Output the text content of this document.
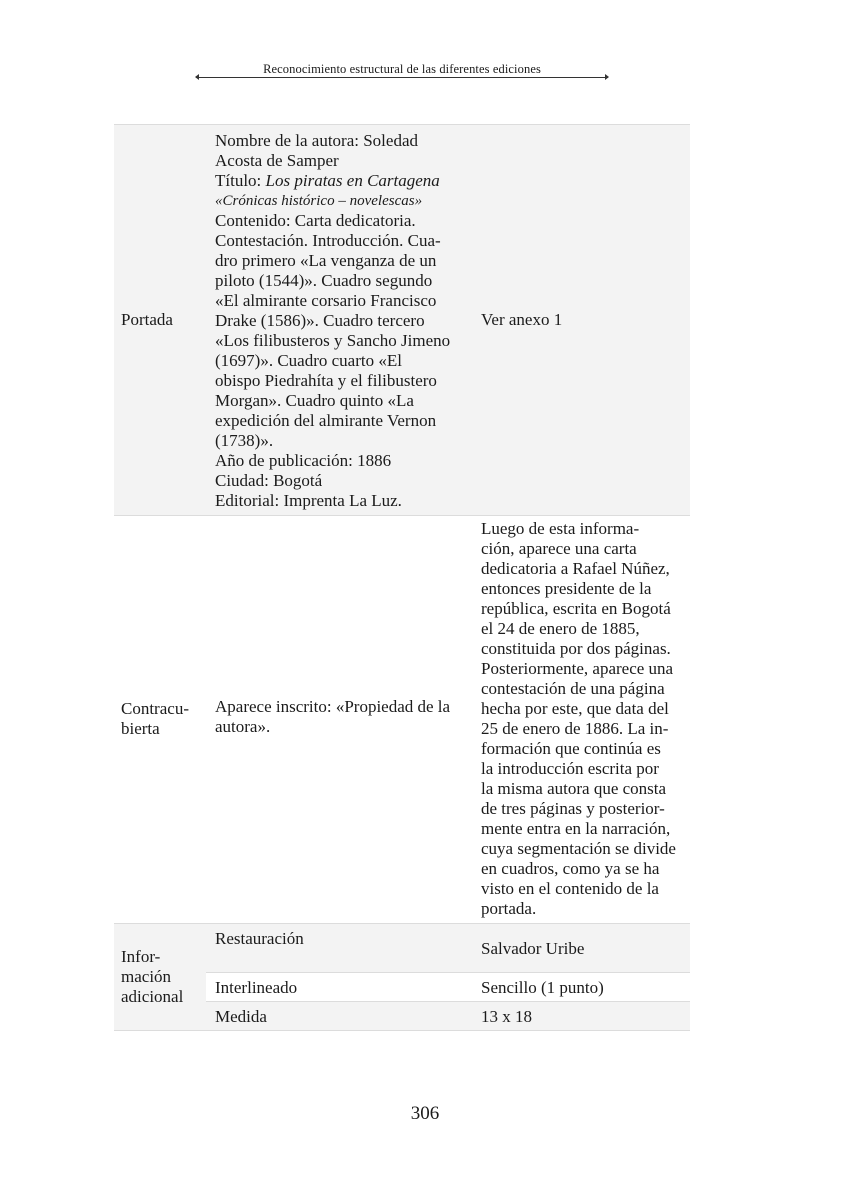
Reconocimiento estructural de las diferentes ediciones
Portada
Nombre de la autora: Soledad
Acosta de Samper
Título: Los piratas en Cartagena
«Crónicas histórico – novelescas»
Contenido: Carta dedicatoria.
Contestación. Introducción. Cua-
dro primero «La venganza de un
piloto (1544)». Cuadro segundo
«El almirante corsario Francisco
Drake (1586)». Cuadro tercero
«Los filibusteros y Sancho Jimeno
(1697)». Cuadro cuarto «El
obispo Piedrahíta y el filibustero
Morgan». Cuadro quinto «La
expedición del almirante Vernon
(1738)».
Año de publicación: 1886
Ciudad: Bogotá
Editorial: Imprenta La Luz.
Ver anexo 1
Contracu-
bierta
Aparece inscrito: «Propiedad de la
autora».
Luego de esta informa-
ción, aparece una carta
dedicatoria a Rafael Núñez,
entonces presidente de la
república, escrita en Bogotá
el 24 de enero de 1885,
constituida por dos páginas.
Posteriormente, aparece una
contestación de una página
hecha por este, que data del
25 de enero de 1886. La in-
formación que continúa es
la introducción escrita por
la misma autora que consta
de tres páginas y posterior-
mente entra en la narración,
cuya segmentación se divide
en cuadros, como ya se ha
visto en el contenido de la
portada.
Infor-
mación
adicional
Restauración
Salvador Uribe
Interlineado	Sencillo (1 punto)
Medida	13 x 18
306
